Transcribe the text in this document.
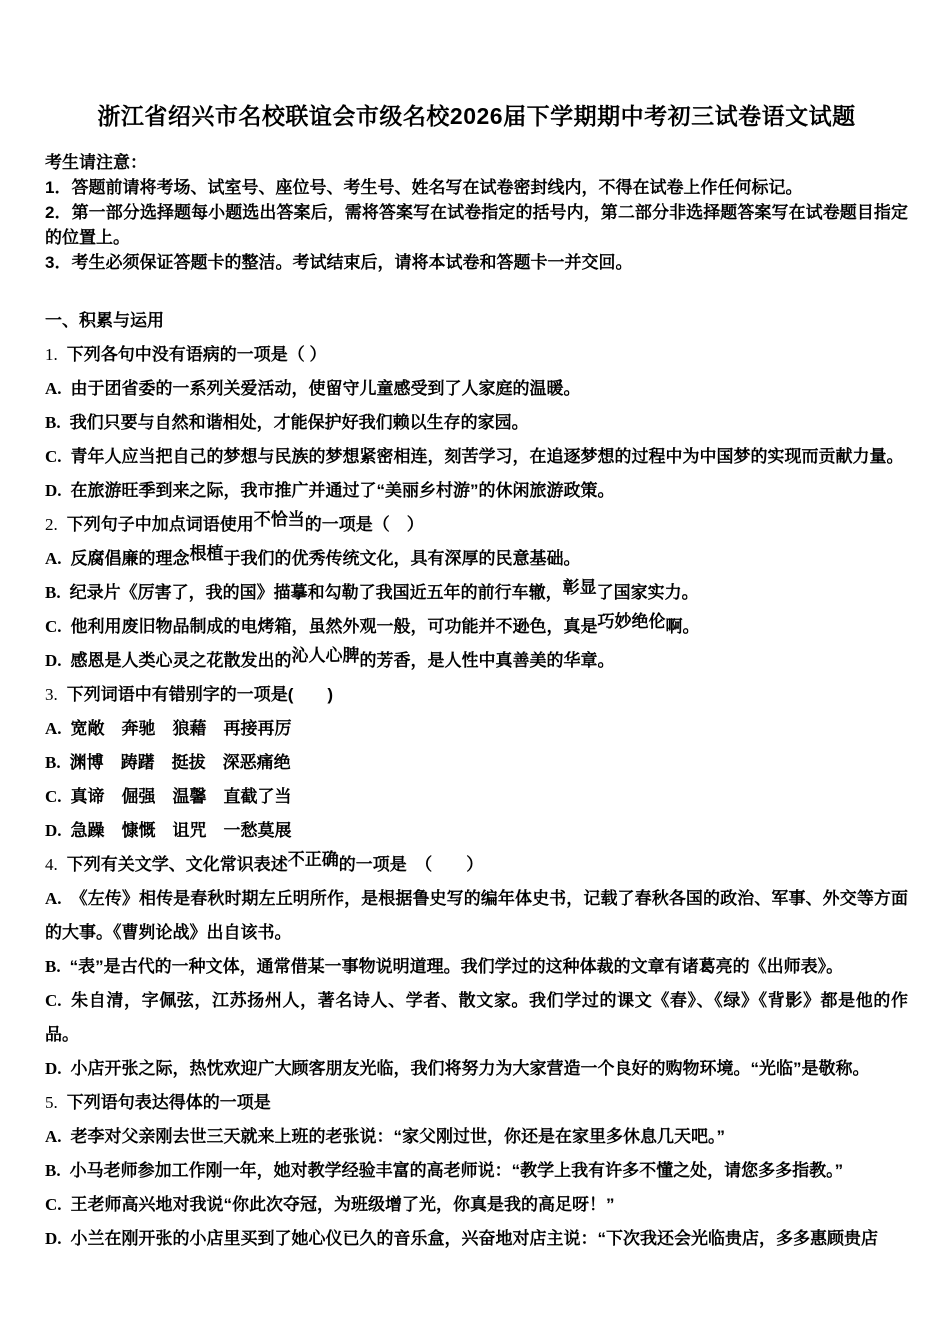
浙江省绍兴市名校联谊会市级名校2026届下学期期中考初三试卷语文试题

考生请注意：

1．答题前请将考场、试室号、座位号、考生号、姓名写在试卷密封线内，不得在试卷上作任何标记。

2．第一部分选择题每小题选出答案后，需将答案写在试卷指定的括号内，第二部分非选择题答案写在试卷题目指定的位置上。

3．考生必须保证答题卡的整洁。考试结束后，请将本试卷和答题卡一并交回。

一、积累与运用

1. 下列各句中没有语病的一项是（ ）

A. 由于团省委的一系列关爱活动，使留守儿童感受到了人家庭的温暖。

B. 我们只要与自然和谐相处，才能保护好我们赖以生存的家园。

C. 青年人应当把自己的梦想与民族的梦想紧密相连，刻苦学习，在追逐梦想的过程中为中国梦的实现而贡献力量。

D. 在旅游旺季到来之际，我市推广并通过了“美丽乡村游”的休闲旅游政策。

2. 下列句子中加点词语使用不恰当的一项是（　）

A. 反腐倡廉的理念根植于我们的优秀传统文化，具有深厚的民意基础。

B. 纪录片《厉害了，我的国》描摹和勾勒了我国近五年的前行车辙，彰显了国家实力。

C. 他利用废旧物品制成的电烤箱，虽然外观一般，可功能并不逊色，真是巧妙绝伦啊。

D. 感恩是人类心灵之花散发出的沁人心脾的芳香，是人性中真善美的华章。

3. 下列词语中有错别字的一项是(　　)

A. 宽敞　奔驰　狼藉　再接再厉

B. 渊博　踌躇　挺拔　深恶痛绝

C. 真谛　倔强　温馨　直截了当

D. 急躁　慷慨　诅咒　一愁莫展

4. 下列有关文学、文化常识表述不正确的一项是　（　　）

A. 《左传》相传是春秋时期左丘明所作，是根据鲁史写的编年体史书，记载了春秋各国的政治、军事、外交等方面的大事。《曹刿论战》出自该书。

B. “表”是古代的一种文体，通常借某一事物说明道理。我们学过的这种体裁的文章有诸葛亮的《出师表》。

C. 朱自清，字佩弦，江苏扬州人，著名诗人、学者、散文家。我们学过的课文《春》、《绿》《背影》都是他的作品。

D. 小店开张之际，热忱欢迎广大顾客朋友光临，我们将努力为大家营造一个良好的购物环境。“光临”是敬称。

5. 下列语句表达得体的一项是

A. 老李对父亲刚去世三天就来上班的老张说：“家父刚过世，你还是在家里多休息几天吧。”

B. 小马老师参加工作刚一年，她对教学经验丰富的高老师说：“教学上我有许多不懂之处，请您多多指教。”

C. 王老师高兴地对我说“你此次夺冠，为班级增了光，你真是我的高足呀！”

D. 小兰在刚开张的小店里买到了她心仪已久的音乐盒，兴奋地对店主说：“下次我还会光临贵店，多多惠顾贵店
